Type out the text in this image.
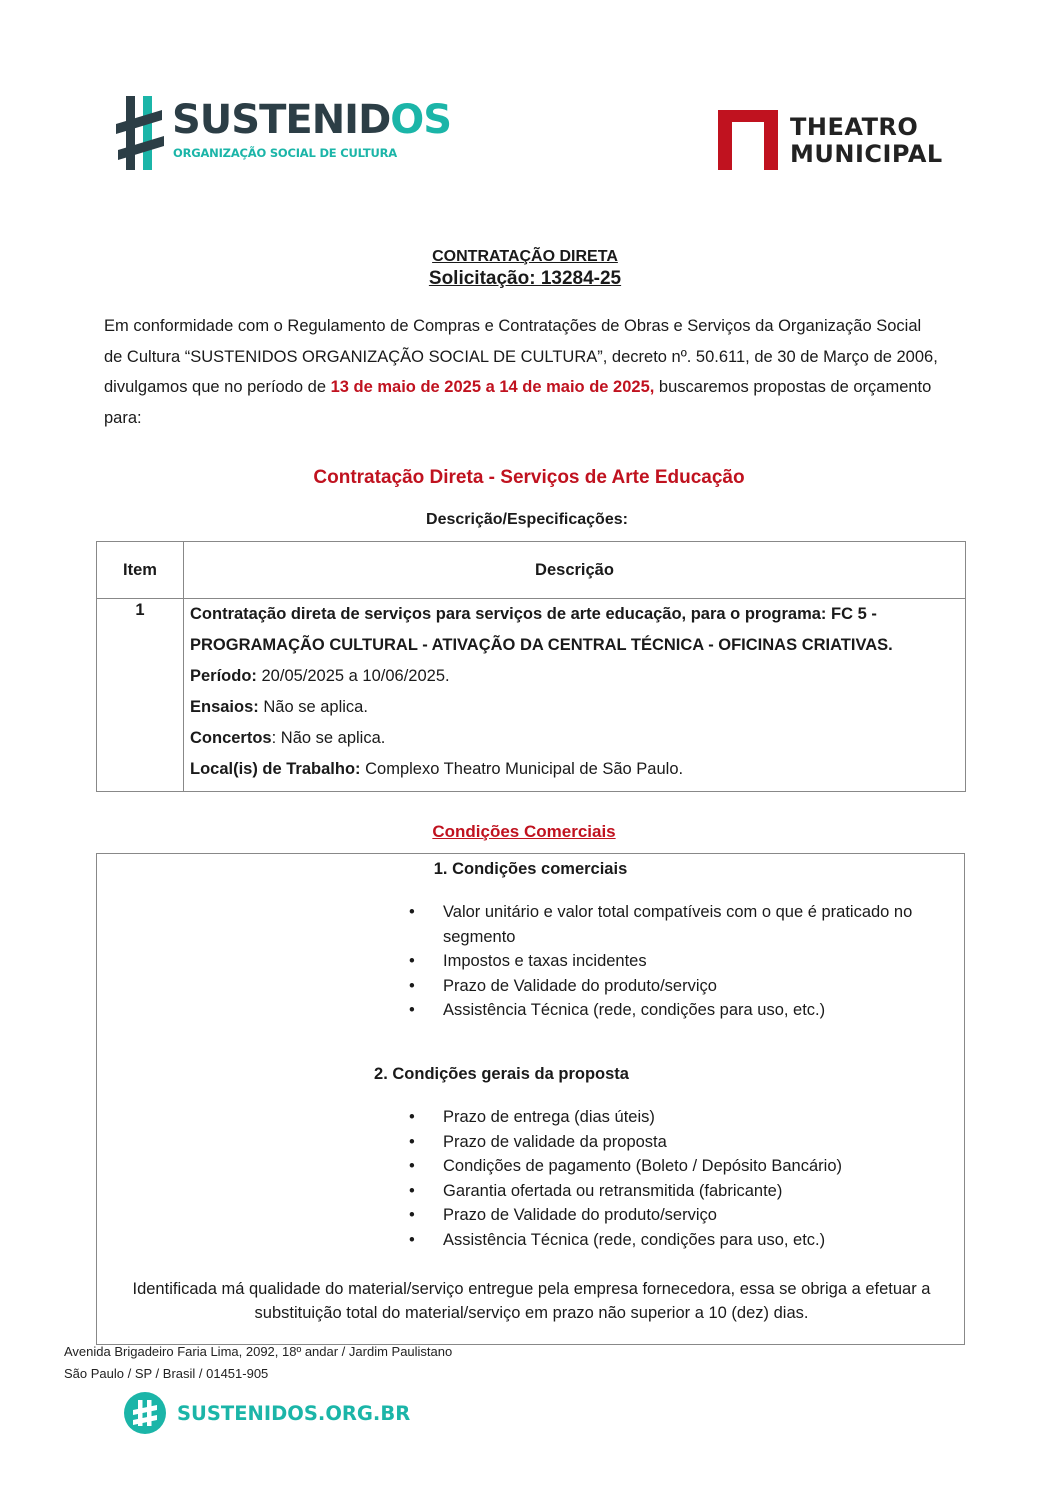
SUSTENIDOS
ORGANIZAÇÃO SOCIAL DE CULTURA
THEATRO
MUNICIPAL
CONTRATAÇÃO DIRETA
Solicitação: 13284-25
Em conformidade com o Regulamento de Compras e Contratações de Obras e Serviços da Organização Social de Cultura “SUSTENIDOS ORGANIZAÇÃO SOCIAL DE CULTURA”, decreto nº. 50.611, de 30 de Março de 2006, divulgamos que no período de 13 de maio de 2025 a 14 de maio de 2025, buscaremos propostas de orçamento para:
Contratação Direta - Serviços de Arte Educação
Descrição/Especificações:
Item	Descrição
1	Contratação direta de serviços para serviços de arte educação, para o programa: FC 5 - PROGRAMAÇÃO CULTURAL - ATIVAÇÃO DA CENTRAL TÉCNICA - OFICINAS CRIATIVAS.
Período: 20/05/2025 a 10/06/2025.
Ensaios: Não se aplica.
Concertos: Não se aplica.
Local(is) de Trabalho: Complexo Theatro Municipal de São Paulo.
Condições Comerciais
1. Condições comerciais
• Valor unitário e valor total compatíveis com o que é praticado no segmento
• Impostos e taxas incidentes
• Prazo de Validade do produto/serviço
• Assistência Técnica (rede, condições para uso, etc.)
2. Condições gerais da proposta
• Prazo de entrega (dias úteis)
• Prazo de validade da proposta
• Condições de pagamento (Boleto / Depósito Bancário)
• Garantia ofertada ou retransmitida (fabricante)
• Prazo de Validade do produto/serviço
• Assistência Técnica (rede, condições para uso, etc.)
Identificada má qualidade do material/serviço entregue pela empresa fornecedora, essa se obriga a efetuar a substituição total do material/serviço em prazo não superior a 10 (dez) dias.
Avenida Brigadeiro Faria Lima, 2092, 18º andar / Jardim Paulistano
São Paulo / SP / Brasil / 01451-905
SUSTENIDOS.ORG.BR
